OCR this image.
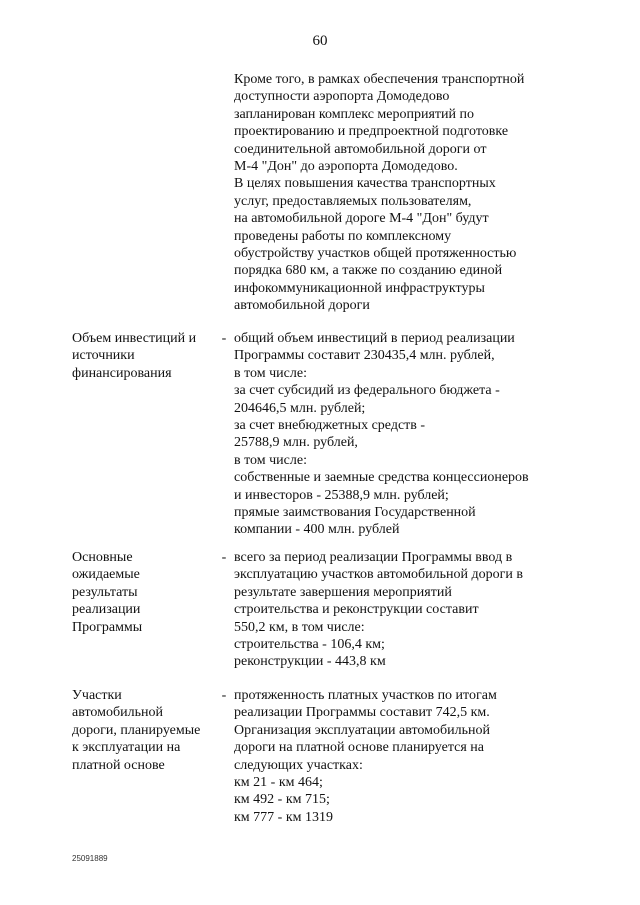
60
Кроме того, в рамках обеспечения транспортной
доступности аэропорта Домодедово
запланирован комплекс мероприятий по
проектированию и предпроектной подготовке
соединительной автомобильной дороги от
М-4 "Дон" до аэропорта Домодедово.
В целях повышения качества транспортных
услуг, предоставляемых пользователям,
на автомобильной дороге М-4 "Дон" будут
проведены работы по комплексному
обустройству участков общей протяженностью
порядка 680 км, а также по созданию единой
инфокоммуникационной инфраструктуры
автомобильной дороги
Объем инвестиций и
источники
финансирования
- общий объем инвестиций в период реализации
Программы составит 230435,4 млн. рублей,
в том числе:
за счет субсидий из федерального бюджета -
204646,5 млн. рублей;
за счет внебюджетных средств -
25788,9 млн. рублей,
в том числе:
собственные и заемные средства концессионеров
и инвесторов - 25388,9 млн. рублей;
прямые заимствования Государственной
компании - 400 млн. рублей
Основные
ожидаемые
результаты
реализации
Программы
- всего за период реализации Программы ввод в
эксплуатацию участков автомобильной дороги в
результате завершения мероприятий
строительства и реконструкции составит
550,2 км, в том числе:
строительства - 106,4 км;
реконструкции - 443,8 км
Участки
автомобильной
дороги, планируемые
к эксплуатации на
платной основе
- протяженность платных участков по итогам
реализации Программы составит 742,5 км.
Организация эксплуатации автомобильной
дороги на платной основе планируется на
следующих участках:
км 21 - км 464;
км 492 - км 715;
км 777 - км 1319
25091889
